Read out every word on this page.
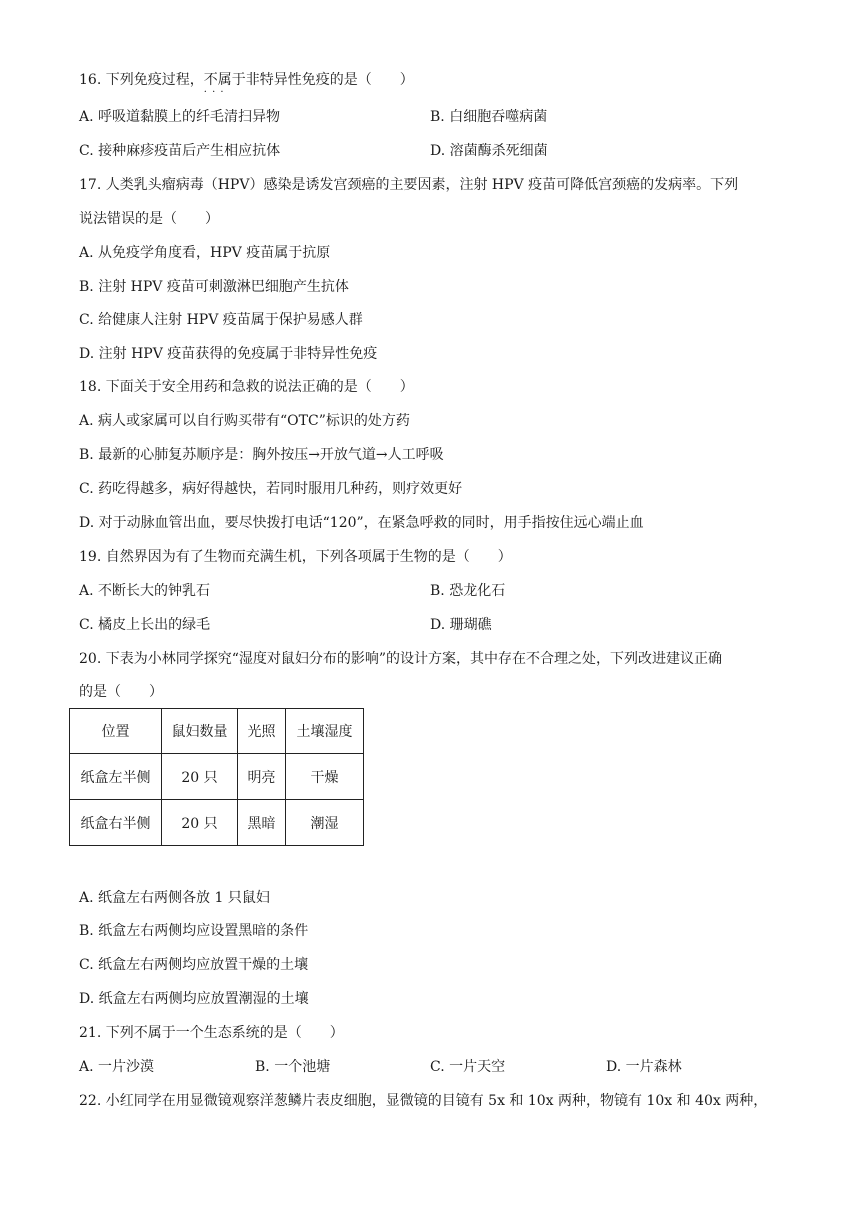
16. 下列免疫过程，不属于 · · ·非特异性免疫的是（　　）
A. 呼吸道黏膜上的纤毛清扫异物	B. 白细胞吞噬病菌
C. 接种麻疹疫苗后产生相应抗体	D. 溶菌酶杀死细菌
17. 人类乳头瘤病毒（HPV）感染是诱发宫颈癌的主要因素，注射 HPV 疫苗可降低宫颈癌的发病率。下列
说法错误的是（　　）
A. 从免疫学角度看，HPV 疫苗属于抗原
B. 注射 HPV 疫苗可刺激淋巴细胞产生抗体
C. 给健康人注射 HPV 疫苗属于保护易感人群
D. 注射 HPV 疫苗获得的免疫属于非特异性免疫
18. 下面关于安全用药和急救的说法正确的是（　　）
A. 病人或家属可以自行购买带有“OTC”标识的处方药
B. 最新的心肺复苏顺序是：胸外按压→开放气道→人工呼吸
C. 药吃得越多，病好得越快，若同时服用几种药，则疗效更好
D. 对于动脉血管出血，要尽快拨打电话“120”，在紧急呼救的同时，用手指按住远心端止血
19. 自然界因为有了生物而充满生机，下列各项属于生物的是（　　）
A. 不断长大的钟乳石	B. 恐龙化石
C. 橘皮上长出的绿毛	D. 珊瑚礁
20. 下表为小林同学探究“湿度对鼠妇分布的影响”的设计方案，其中存在不合理之处，下列改进建议正确
的是（　　）
位置	鼠妇数量	光照	土壤湿度
纸盒左半侧	20 只	明亮	干燥
纸盒右半侧	20 只	黑暗	潮湿
A. 纸盒左右两侧各放 1 只鼠妇
B. 纸盒左右两侧均应设置黑暗的条件
C. 纸盒左右两侧均应放置干燥的土壤
D. 纸盒左右两侧均应放置潮湿的土壤
21. 下列不属于一个生态系统的是（　　）
A. 一片沙漠	B. 一个池塘	C. 一片天空	D. 一片森林
22. 小红同学在用显微镜观察洋葱鳞片表皮细胞，显微镜的目镜有 5x 和 10x 两种，物镜有 10x 和 40x 两种，
